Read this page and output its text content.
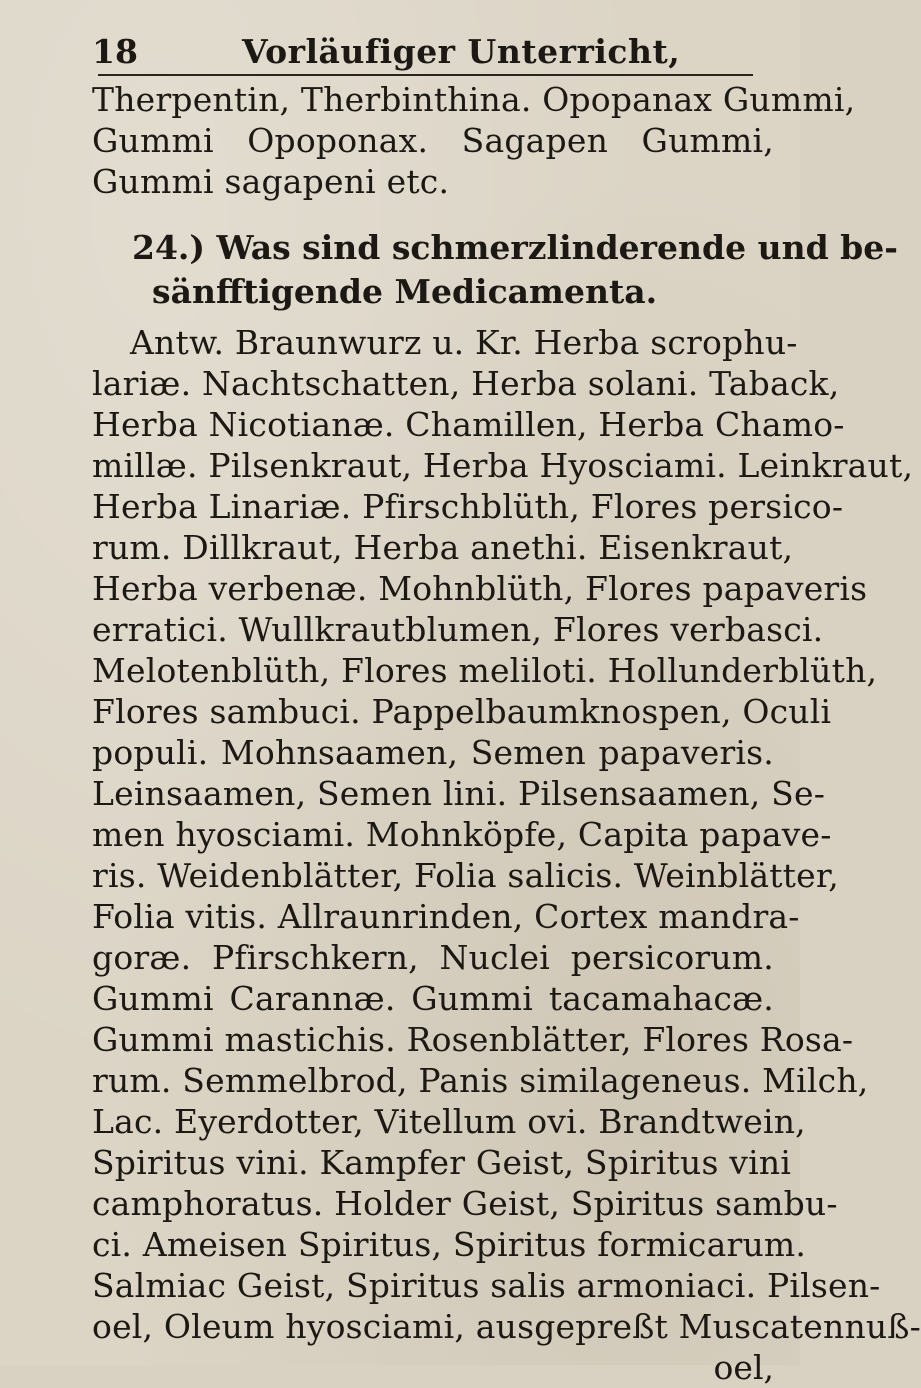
18	Vorläufiger Unterricht,
Therpentin, Therbinthina. Opopanax Gummi,
Gummi Opoponax. Sagapen Gummi,
Gummi sagapeni etc.
24.) Was sind schmerzlinderende und be-
sänfftigende Medicamenta.
Antw. Braunwurz u. Kr. Herba scrophu-
lariæ. Nachtschatten, Herba solani. Taback,
Herba Nicotianæ. Chamillen, Herba Chamo-
millæ. Pilsenkraut, Herba Hyosciami. Leinkraut,
Herba Linariæ. Pfirschblüth, Flores persico-
rum. Dillkraut, Herba anethi. Eisenkraut,
Herba verbenæ. Mohnblüth, Flores papaveris
erratici. Wullkrautblumen, Flores verbasci.
Melotenblüth, Flores meliloti. Hollunderblüth,
Flores sambuci. Pappelbaumknospen, Oculi
populi. Mohnsaamen, Semen papaveris.
Leinsaamen, Semen lini. Pilsensaamen, Se-
men hyosciami. Mohnköpfe, Capita papave-
ris. Weidenblätter, Folia salicis. Weinblätter,
Folia vitis. Allraunrinden, Cortex mandra-
goræ. Pfirschkern, Nuclei persicorum.
Gummi Carannæ. Gummi tacamahacæ.
Gummi mastichis. Rosenblätter, Flores Rosa-
rum. Semmelbrod, Panis similageneus. Milch,
Lac. Eyerdotter, Vitellum ovi. Brandtwein,
Spiritus vini. Kampfer Geist, Spiritus vini
camphoratus. Holder Geist, Spiritus sambu-
ci. Ameisen Spiritus, Spiritus formicarum.
Salmiac Geist, Spiritus salis armoniaci. Pilsen-
oel, Oleum hyosciami, ausgepreßt Muscatennuß-
oel,
